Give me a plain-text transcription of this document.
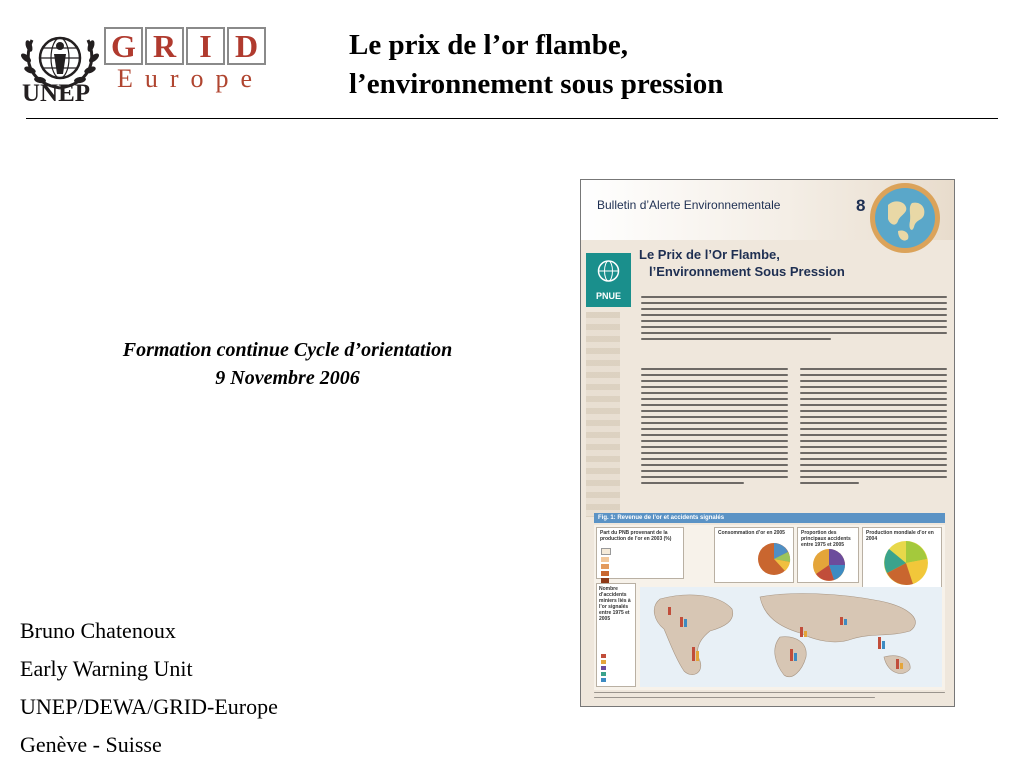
UNEP
G R I D
Europe
Le prix de l’or flambe,
l’environnement sous pression
Formation continue Cycle d’orientation
9 Novembre 2006
Bruno Chatenoux
Early Warning Unit
UNEP/DEWA/GRID-Europe
Genève - Suisse
Bulletin d’Alerte Environnementale	8
PNUE
Le Prix de l’Or Flambe,
l’Environnement Sous Pression
Fig. 1: Revenue de l’or et accidents signalés
Part du PNB provenant de la production de l’or en 2003 (%)
Consommation d’or en 2005	Proportion des principaux accidents entre 1975 et 2005
Production mondiale d’or en 2004
Nombre d’accidents miniers liés à l’or signalés entre 1975 et 2005
